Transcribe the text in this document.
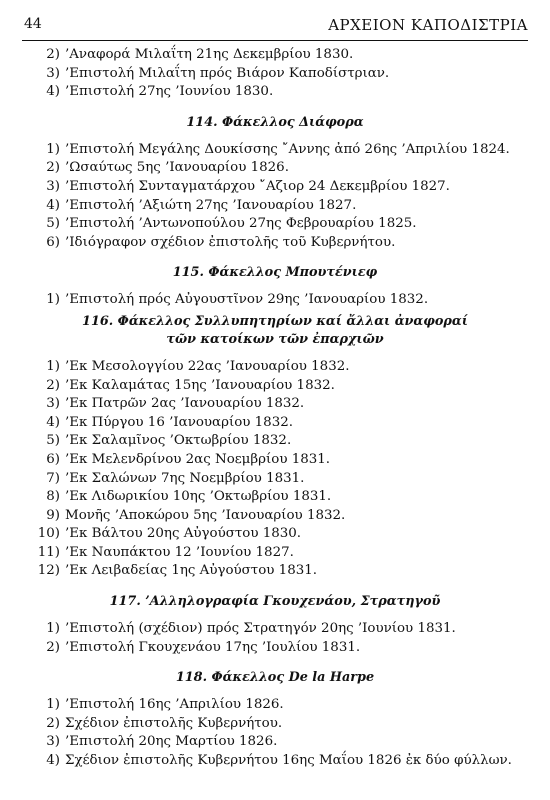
44	ΑΡΧΕΙΟΝ ΚΑΠΟΔΙΣΤΡΙΑ
2) ’Αναφορά Μιλαΐτη 21ης Δεκεμβρίου 1830.
3) ’Επιστολή Μιλαΐτη πρός Βιάρον Καποδίστριαν.
4) ’Επιστολή 27ης ’Ιουνίου 1830.
114. Φάκελλος Διάφορα
1) ’Επιστολή Μεγάλης Δουκίσσης ῎Αννης ἀπό 26ης ’Απριλίου 1824.
2) ’Ωσαύτως 5ης ’Ιανουαρίου 1826.
3) ’Επιστολή Συνταγματάρχου ῎Αζιορ 24 Δεκεμβρίου 1827.
4) ’Επιστολή ’Αξιώτη 27ης ’Ιανουαρίου 1827.
5) ’Επιστολή ’Αντωνοπούλου 27ης Φεβρουαρίου 1825.
6) ’Ιδιόγραφον σχέδιον ἐπιστολῆς τοῦ Κυβερνήτου.
115. Φάκελλος Μπουτένιεφ
1) ’Επιστολή πρός Αὐγουστῖνον 29ης ’Ιανουαρίου 1832.
116. Φάκελλος Συλλυπητηρίων καί ἄλλαι ἀναφοραί
τῶν κατοίκων τῶν ἐπαρχιῶν
1) ’Εκ Μεσολογγίου 22ας ’Ιανουαρίου 1832.
2) ’Εκ Καλαμάτας 15ης ’Ιανουαρίου 1832.
3) ’Εκ Πατρῶν 2ας ’Ιανουαρίου 1832.
4) ’Εκ Πύργου 16 ’Ιανουαρίου 1832.
5) ’Εκ Σαλαμῖνος ’Οκτωβρίου 1832.
6) ’Εκ Μελενδρίνου 2ας Νοεμβρίου 1831.
7) ’Εκ Σαλώνων 7ης Νοεμβρίου 1831.
8) ’Εκ Λιδωρικίου 10ης ’Οκτωβρίου 1831.
9) Μονῆς ’Αποκώρου 5ης ’Ιανουαρίου 1832.
10) ’Εκ Βάλτου 20ης Αὐγούστου 1830.
11) ’Εκ Ναυπάκτου 12 ’Ιουνίου 1827.
12) ’Εκ Λειβαδείας 1ης Αὐγούστου 1831.
117. ’Αλληλογραφία Γκουχενάου, Στρατηγοῦ
1) ’Επιστολή (σχέδιον) πρός Στρατηγόν 20ης ’Ιουνίου 1831.
2) ’Επιστολή Γκουχενάου 17ης ’Ιουλίου 1831.
118. Φάκελλος De la Harpe
1) ’Επιστολή 16ης ’Απριλίου 1826.
2) Σχέδιον ἐπιστολῆς Κυβερνήτου.
3) ’Επιστολή 20ης Μαρτίου 1826.
4) Σχέδιον ἐπιστολῆς Κυβερνήτου 16ης Μαΐου 1826 ἐκ δύο φύλλων.
